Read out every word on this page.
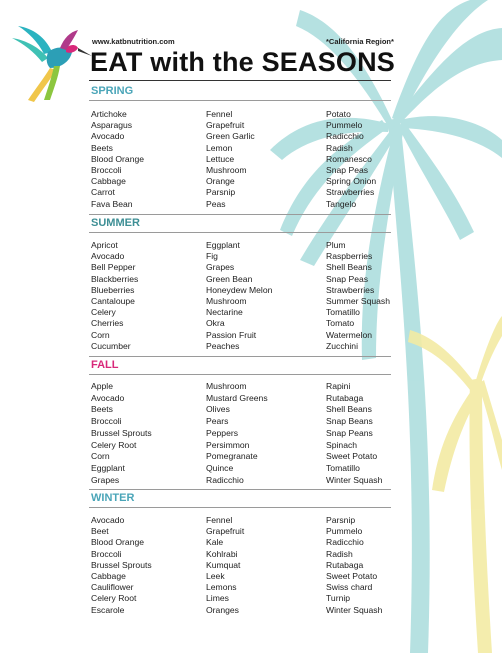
www.katbnutrition.com	*California Region*
EAT with the SEASONS
SPRING
Artichoke
Asparagus
Avocado
Beets
Blood Orange
Broccoli
Cabbage
Carrot
Fava Bean
Fennel
Grapefruit
Green Garlic
Lemon
Lettuce
Mushroom
Orange
Parsnip
Peas
Potato
Pummelo
Radicchio
Radish
Romanesco
Snap Peas
Spring Onion
Strawberries
Tangelo
SUMMER
Apricot
Avocado
Bell Pepper
Blackberries
Blueberries
Cantaloupe
Celery
Cherries
Corn
Cucumber
Eggplant
Fig
Grapes
Green Bean
Honeydew Melon
Mushroom
Nectarine
Okra
Passion Fruit
Peaches
Plum
Raspberries
Shell Beans
Snap Peas
Strawberries
Summer Squash
Tomatillo
Tomato
Watermelon
Zucchini
FALL
Apple
Avocado
Beets
Broccoli
Brussel Sprouts
Celery Root
Corn
Eggplant
Grapes
Mushroom
Mustard Greens
Olives
Pears
Peppers
Persimmon
Pomegranate
Quince
Radicchio
Rapini
Rutabaga
Shell Beans
Snap Beans
Snap Peans
Spinach
Sweet Potato
Tomatillo
Winter Squash
WINTER
Avocado
Beet
Blood Orange
Broccoli
Brussel Sprouts
Cabbage
Cauliflower
Celery Root
Escarole
Fennel
Grapefruit
Kale
Kohlrabi
Kumquat
Leek
Lemons
Limes
Oranges
Parsnip
Pummelo
Radicchio
Radish
Rutabaga
Sweet Potato
Swiss chard
Turnip
Winter Squash
